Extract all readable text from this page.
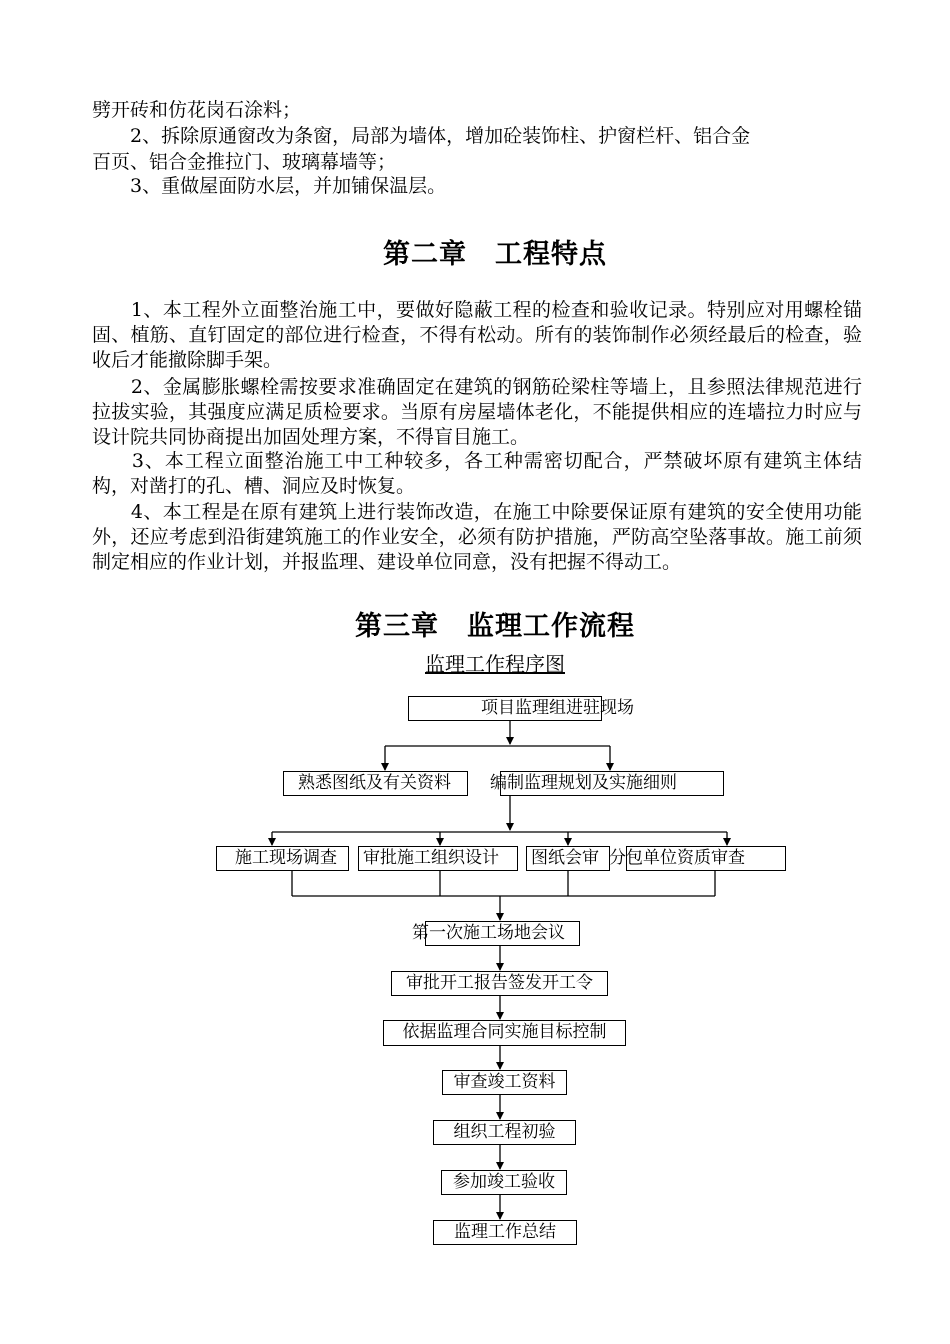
劈开砖和仿花岗石涂料；
　　2、拆除原通窗改为条窗，局部为墙体，增加砼装饰柱、护窗栏杆、铝合金
百页、铝合金推拉门、玻璃幕墙等；
　　3、重做屋面防水层，并加铺保温层。
第二章　工程特点
　　1、本工程外立面整治施工中，要做好隐蔽工程的检查和验收记录。特别应对用螺栓锚固、植筋、直钉固定的部位进行检查，不得有松动。所有的装饰制作必须经最后的检查，验收后才能撤除脚手架。
　　2、金属膨胀螺栓需按要求准确固定在建筑的钢筋砼梁柱等墙上，且参照法律规范进行拉拔实验，其强度应满足质检要求。当原有房屋墙体老化，不能提供相应的连墙拉力时应与设计院共同协商提出加固处理方案，不得盲目施工。
　　3、本工程立面整治施工中工种较多，各工种需密切配合，严禁破坏原有建筑主体结构，对凿打的孔、槽、洞应及时恢复。
　　4、本工程是在原有建筑上进行装饰改造，在施工中除要保证原有建筑的安全使用功能外，还应考虑到沿街建筑施工的作业安全，必须有防护措施，严防高空坠落事故。施工前须制定相应的作业计划，并报监理、建设单位同意，没有把握不得动工。
第三章　监理工作流程
监理工作程序图
项目监理组进驻现场
熟悉图纸及有关资料	编制监理规划及实施细则
施工现场调查	审批施工组织设计	图纸会审 分包单位资质审查
第一次施工场地会议
审批开工报告签发开工令
依据监理合同实施目标控制
审查竣工资料
组织工程初验
参加竣工验收
监理工作总结
